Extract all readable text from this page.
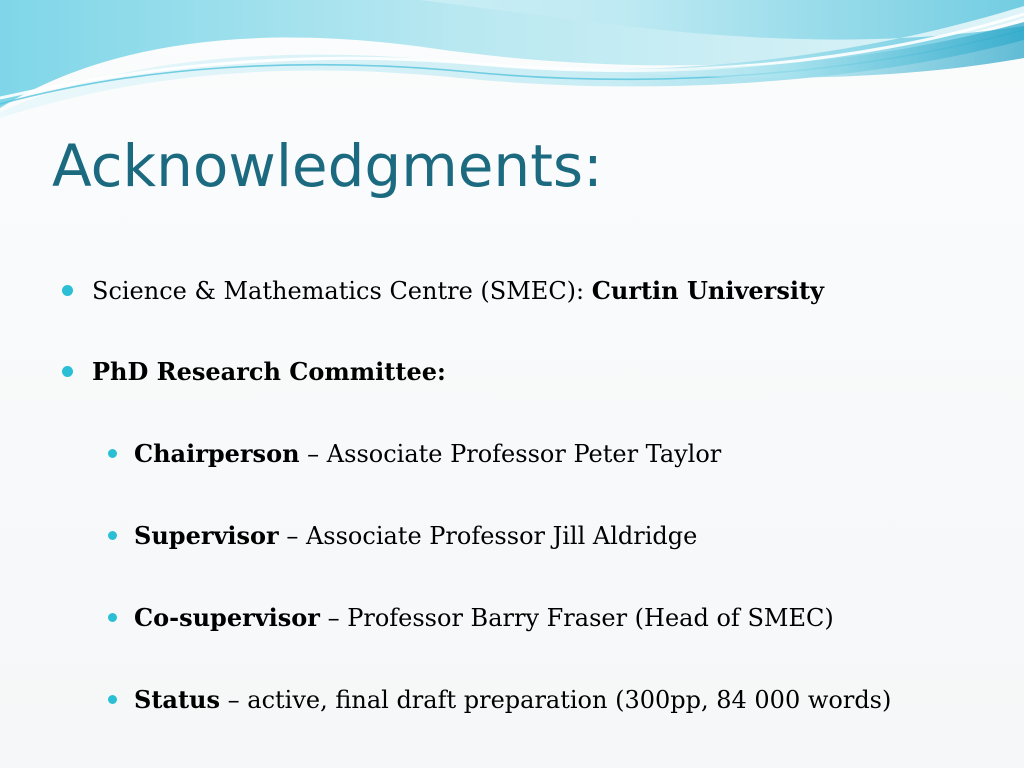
Acknowledgments:
Science & Mathematics Centre (SMEC): Curtin University
PhD Research Committee:
Chairperson – Associate Professor Peter Taylor
Supervisor – Associate Professor Jill Aldridge
Co-supervisor – Professor Barry Fraser (Head of SMEC)
Status – active, final draft preparation (300pp, 84 000 words)
